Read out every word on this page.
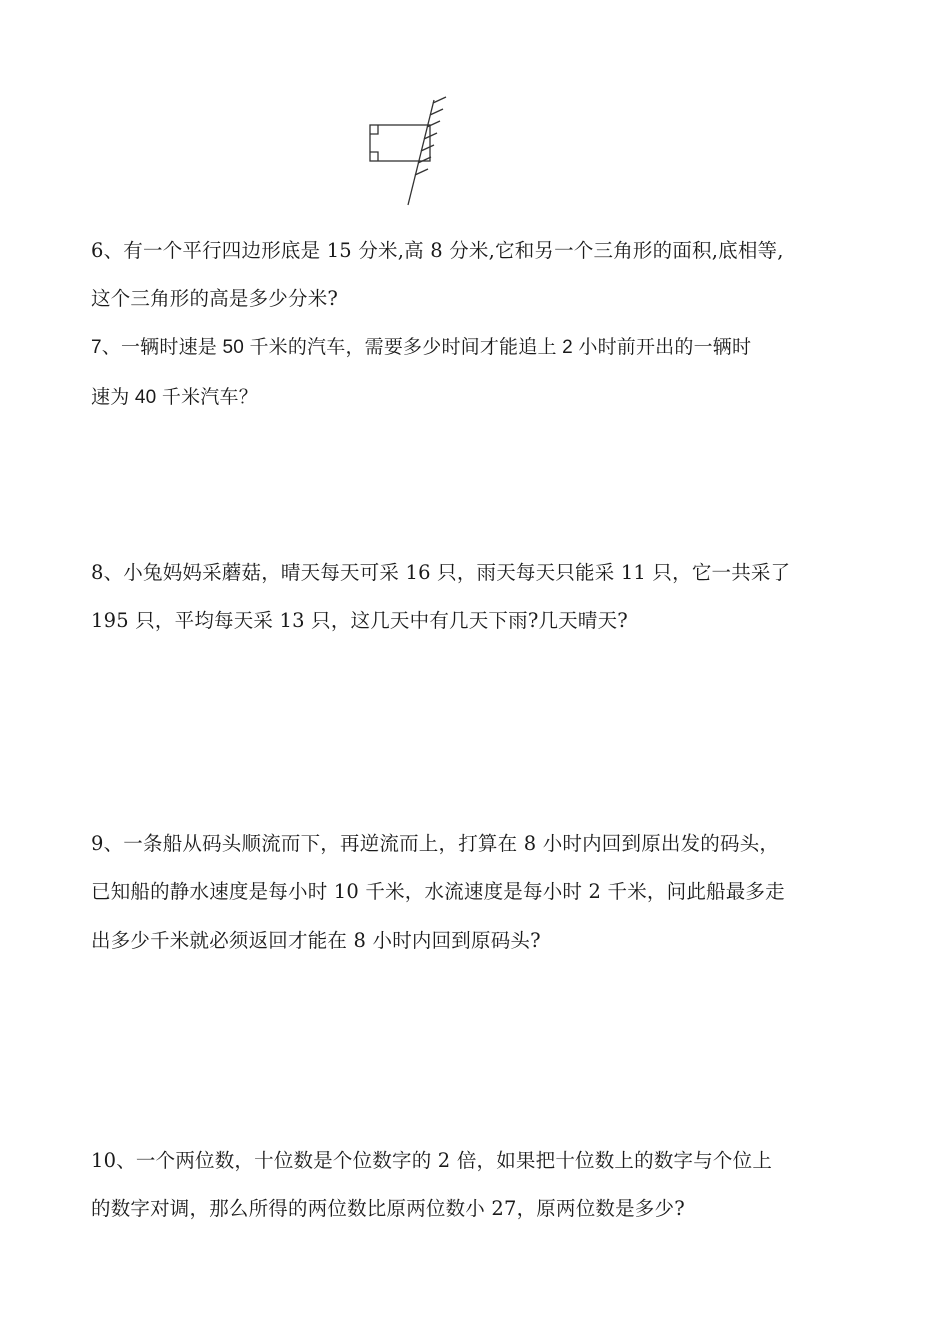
6、有一个平行四边形底是 15 分米,高 8 分米,它和另一个三角形的面积,底相等,

这个三角形的高是多少分米?

7、一辆时速是 50 千米的汽车，需要多少时间才能追上 2 小时前开出的一辆时

速为 40 千米汽车？

8、小兔妈妈采蘑菇，晴天每天可采 16 只，雨天每天只能采 11 只，它一共采了

195 只，平均每天采 13 只，这几天中有几天下雨?几天晴天?

9、一条船从码头顺流而下，再逆流而上，打算在 8 小时内回到原出发的码头，

已知船的静水速度是每小时 10 千米，水流速度是每小时 2 千米，问此船最多走

出多少千米就必须返回才能在 8 小时内回到原码头?

10、一个两位数，十位数是个位数字的 2 倍，如果把十位数上的数字与个位上

的数字对调，那么所得的两位数比原两位数小 27，原两位数是多少?
